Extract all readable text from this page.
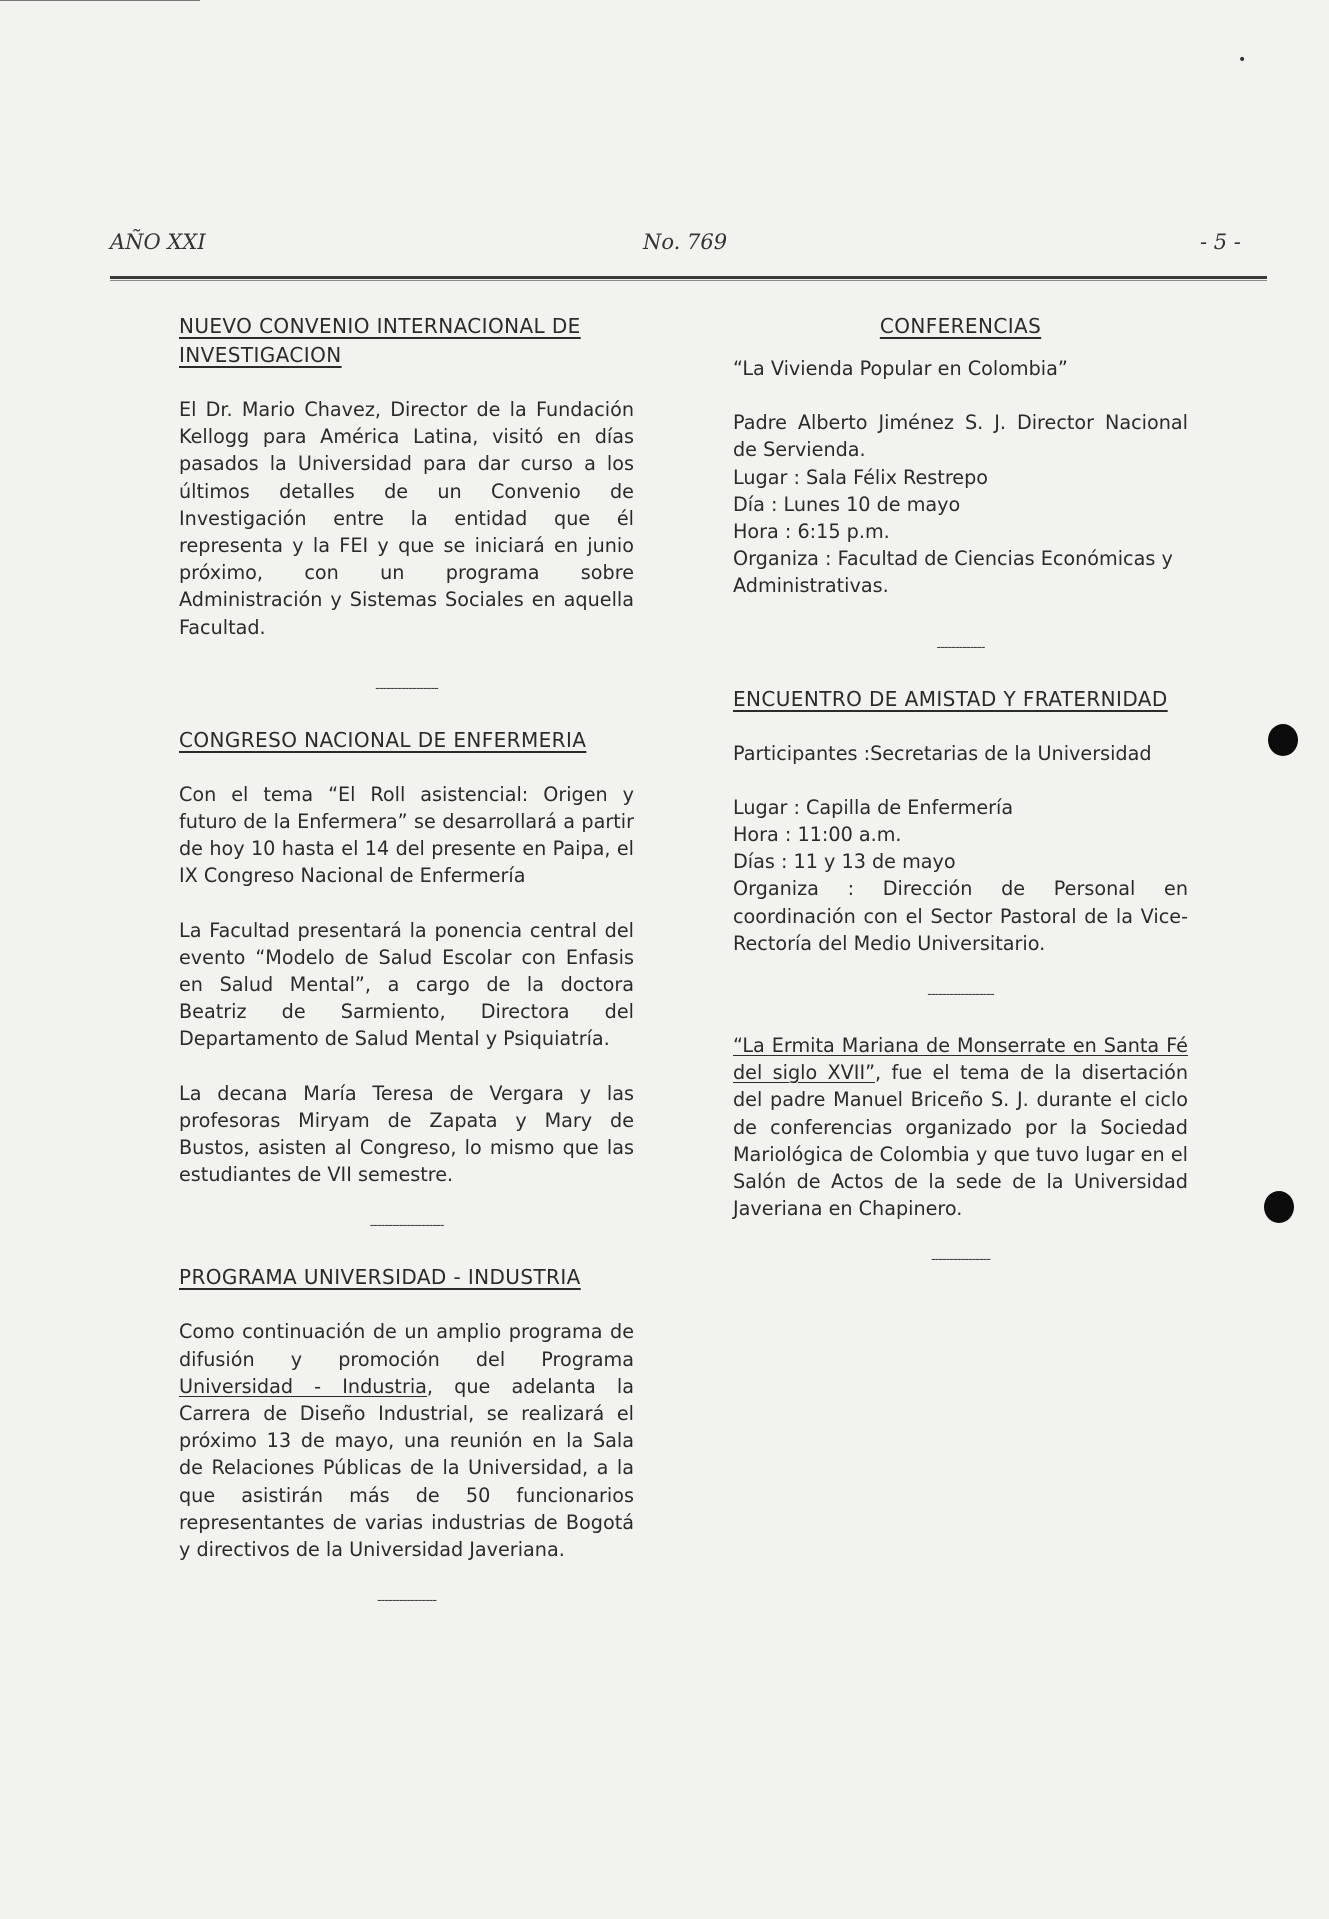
•
AÑO XXI	No. 769	- 5 -
NUEVO CONVENIO INTERNACIONAL DE INVESTIGACION

El Dr. Mario Chavez, Director de la Fundación Kellogg para América Latina, visitó en días pasados la Universidad para dar curso a los últimos detalles de un Convenio de Investigación entre la entidad que él representa y la FEI y que se iniciará en junio próximo, con un programa sobre Administración y Sistemas Sociales en aquella Facultad.

-----------------
CONGRESO NACIONAL DE ENFERMERIA

Con el tema “El Roll asistencial: Origen y futuro de la Enfermera” se desarrollará a partir de hoy 10 hasta el 14 del presente en Paipa, el IX Congreso Nacional de Enfermería

La Facultad presentará la ponencia central del evento “Modelo de Salud Escolar con Enfasis en Salud Mental”, a cargo de la doctora Beatriz de Sarmiento, Directora del Departamento de Salud Mental y Psiquiatría.

La decana María Teresa de Vergara y las profesoras Miryam de Zapata y Mary de Bustos, asisten al Congreso, lo mismo que las estudiantes de VII semestre.

--------------------
PROGRAMA UNIVERSIDAD - INDUSTRIA

Como continuación de un amplio programa de difusión y promoción del Programa Universidad - Industria, que adelanta la Carrera de Diseño Industrial, se realizará el próximo 13 de mayo, una reunión en la Sala de Relaciones Públicas de la Universidad, a la que asistirán más de 50 funcionarios representantes de varias industrias de Bogotá y directivos de la Universidad Javeriana.

----------------
CONFERENCIAS

“La Vivienda Popular en Colombia”

Padre Alberto Jiménez S. J. Director Nacional de Servienda.

Lugar : Sala Félix Restrepo

Día : Lunes 10 de mayo

Hora : 6:15 p.m.

Organiza : Facultad de Ciencias Económicas y Administrativas.

-------------
ENCUENTRO DE AMISTAD Y FRATERNIDAD

Participantes :Secretarias de la Universidad

Lugar : Capilla de Enfermería

Hora : 11:00 a.m.

Días : 11 y 13 de mayo

Organiza : Dirección de Personal en coordinación con el Sector Pastoral de la Vice-Rectoría del Medio Universitario.

------------------

“La Ermita Mariana de Monserrate en Santa Fé del siglo XVII”, fue el tema de la disertación del padre Manuel Briceño S. J. durante el ciclo de conferencias organizado por la Sociedad Mariológica de Colombia y que tuvo lugar en el Salón de Actos de la sede de la Universidad Javeriana en Chapinero.

----------------
